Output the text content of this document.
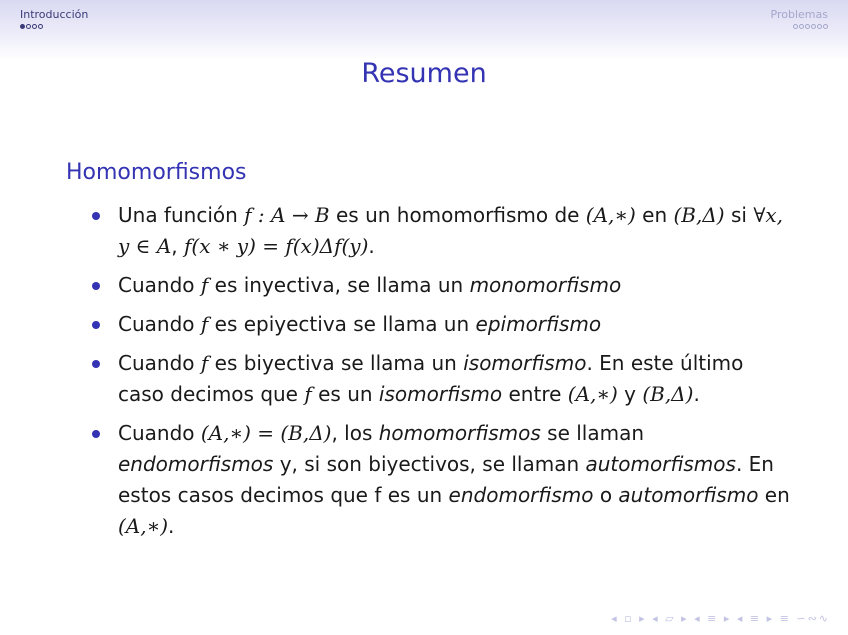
Introducción	Problemas
Resumen
Homomorfismos
Una función f : A → B es un homomorfismo de (A,∗) en (B,Δ) si ∀x, y ∈ A, f(x ∗ y) = f(x)Δf(y).
Cuando f es inyectiva, se llama un monomorfismo
Cuando f es epiyectiva se llama un epimorfismo
Cuando f es biyectiva se llama un isomorfismo. En este último caso decimos que f es un isomorfismo entre (A,∗) y (B,Δ).
Cuando (A,∗) = (B,Δ), los homomorfismos se llaman endomorfismos y, si son biyectivos, se llaman automorfismos. En estos casos decimos que f es un endomorfismo o automorfismo en (A,∗).
◂ ▫ ▸ ◂ ▱ ▸ ◂ ≡ ▸ ◂ ≡ ▸ ≡ ∽∾∿
